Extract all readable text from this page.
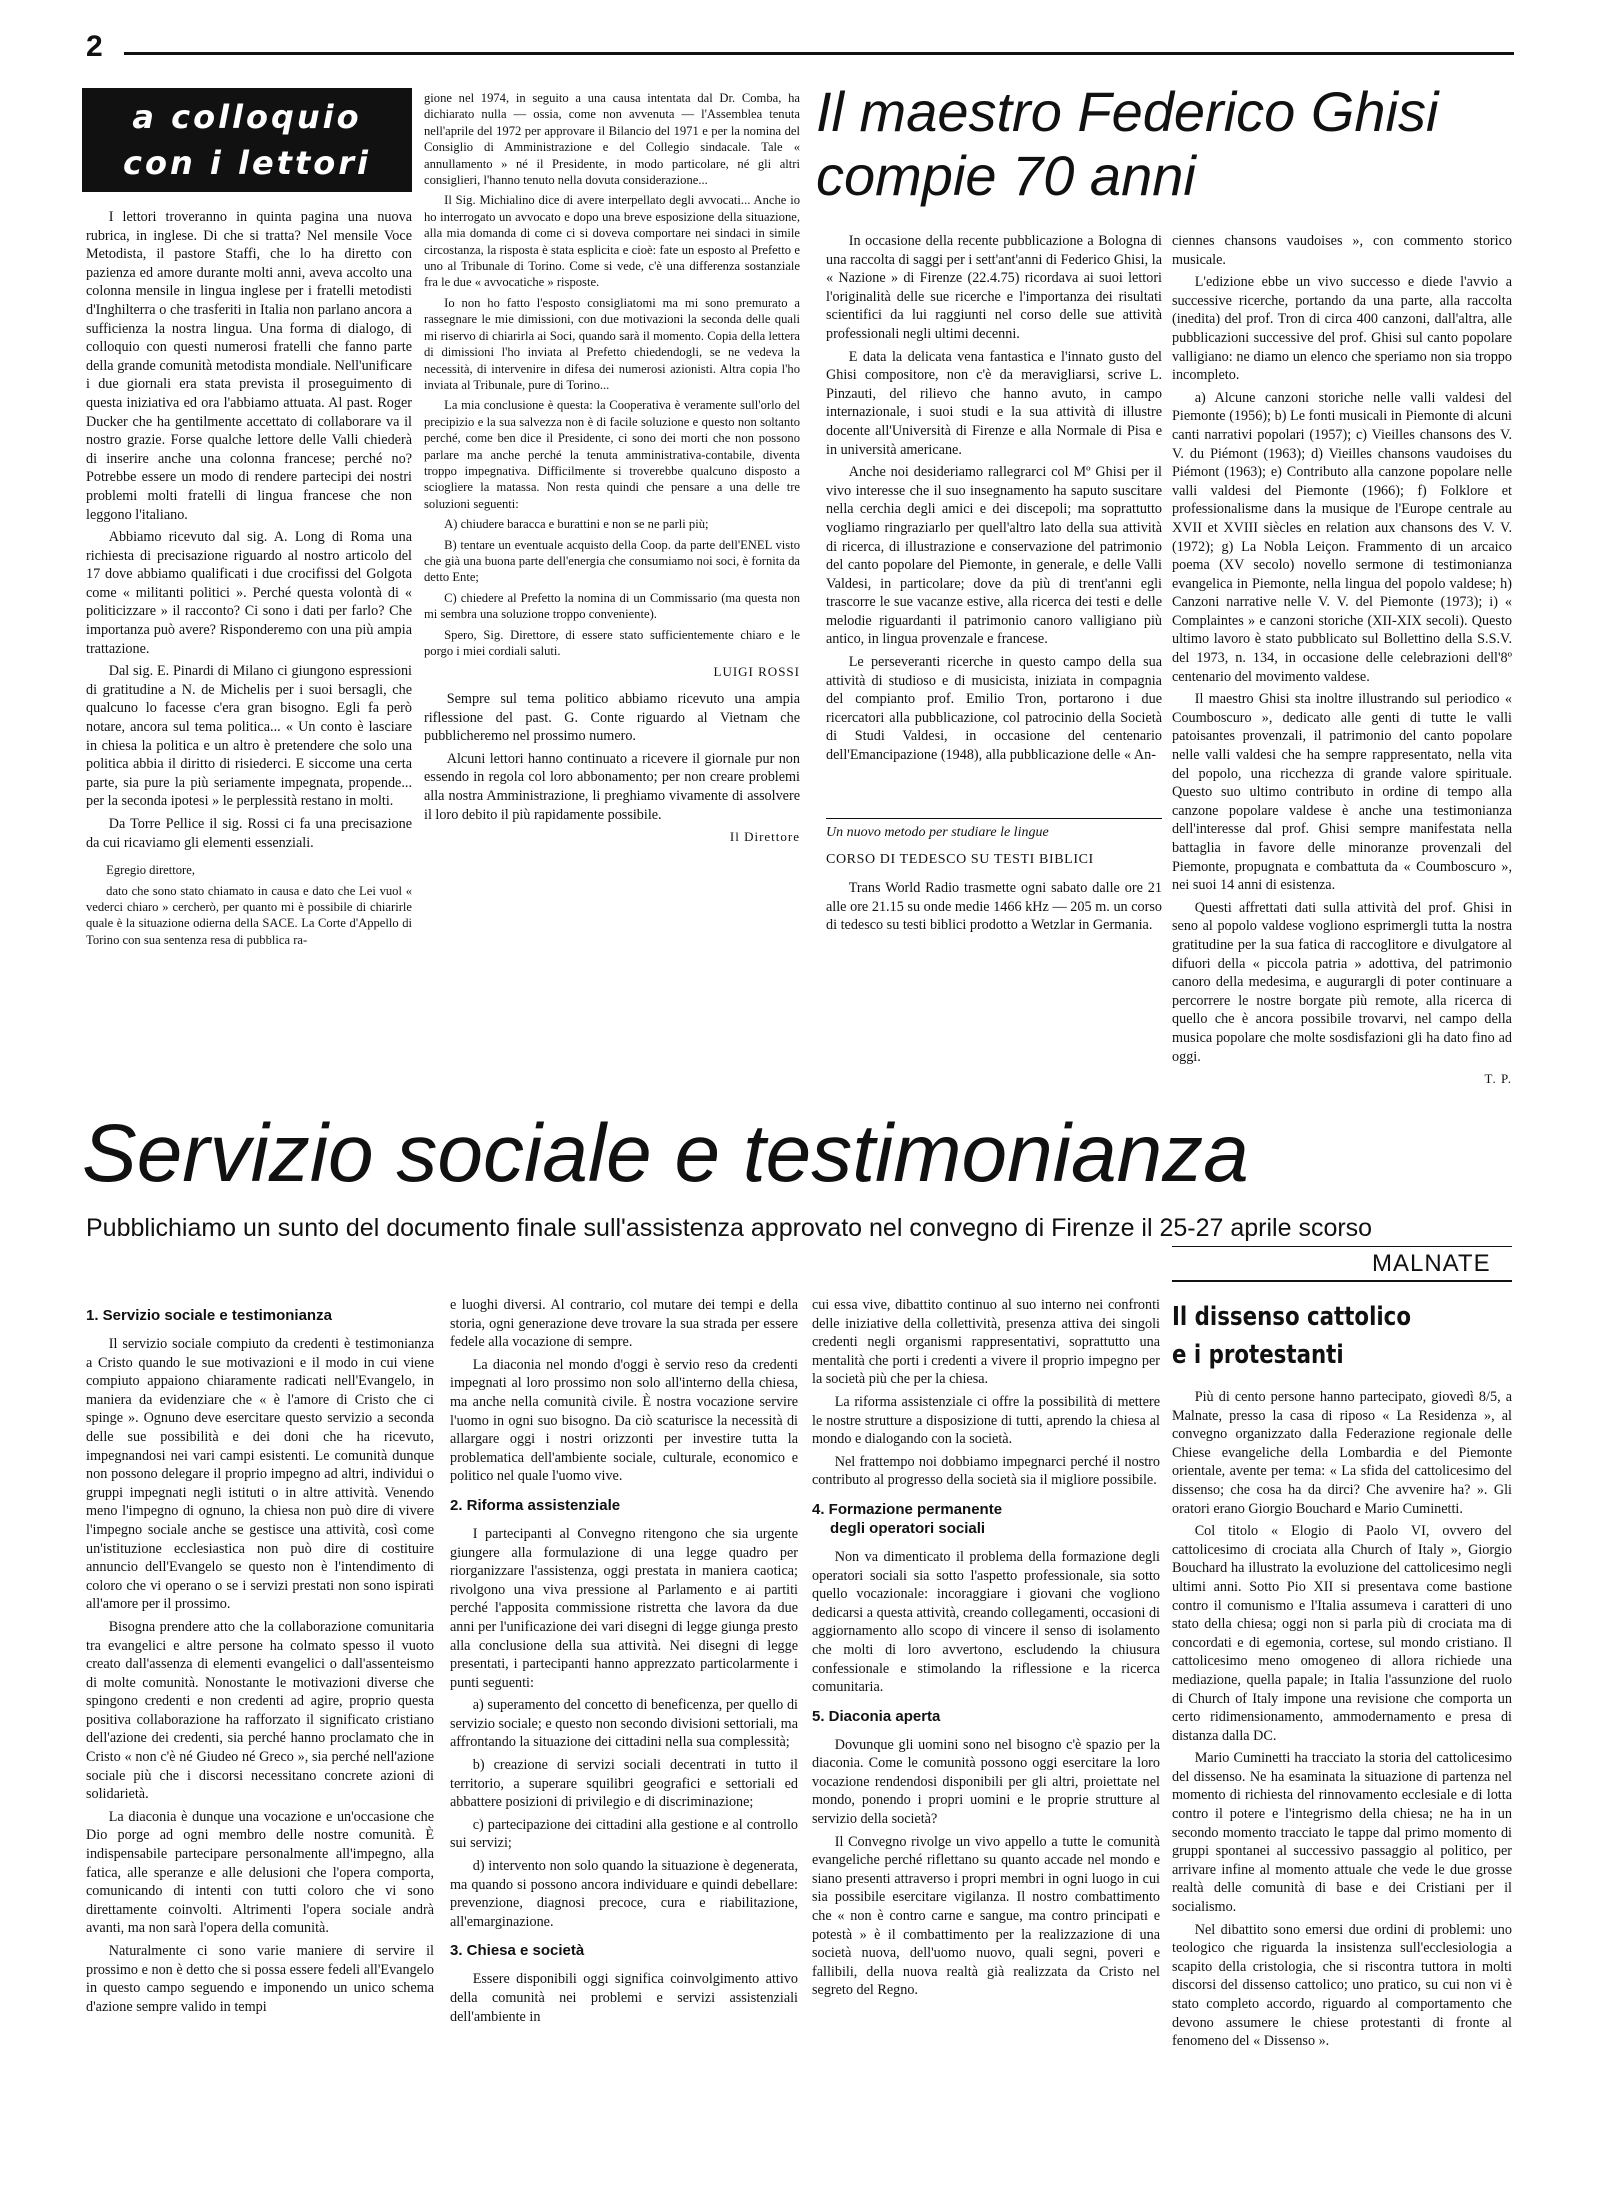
2
a colloquio
con i lettori

I lettori troveranno in quinta pagina una nuova rubrica, in inglese. Di che si tratta? Nel mensile Voce Metodista, il pastore Staffi, che lo ha diretto con pazienza ed amore durante molti anni, aveva accolto una colonna mensile in lingua inglese per i fratelli metodisti d'Inghilterra o che trasferiti in Italia non parlano ancora a sufficienza la nostra lingua. Una forma di dialogo, di colloquio con questi numerosi fratelli che fanno parte della grande comunità metodista mondiale. Nell'unificare i due giornali era stata prevista il proseguimento di questa iniziativa ed ora l'abbiamo attuata. Al past. Roger Ducker che ha gentilmente accettato di collaborare va il nostro grazie. Forse qualche lettore delle Valli chiederà di inserire anche una colonna francese; perché no? Potrebbe essere un modo di rendere partecipi dei nostri problemi molti fratelli di lingua francese che non leggono l'italiano.

Abbiamo ricevuto dal sig. A. Long di Roma una richiesta di precisazione riguardo al nostro articolo del 17 dove abbiamo qualificati i due crocifissi del Golgota come « militanti politici ». Perché questa volontà di « politicizzare » il racconto? Ci sono i dati per farlo? Che importanza può avere? Risponderemo con una più ampia trattazione.

Dal sig. E. Pinardi di Milano ci giungono espressioni di gratitudine a N. de Michelis per i suoi bersagli, che qualcuno lo facesse c'era gran bisogno. Egli fa però notare, ancora sul tema politica... « Un conto è lasciare in chiesa la politica e un altro è pretendere che solo una politica abbia il diritto di risiederci. E siccome una certa parte, sia pure la più seriamente impegnata, propende... per la seconda ipotesi » le perplessità restano in molti.

Da Torre Pellice il sig. Rossi ci fa una precisazione da cui ricaviamo gli elementi essenziali.

Egregio direttore,

dato che sono stato chiamato in causa e dato che Lei vuol « vederci chiaro » cercherò, per quanto mi è possibile di chiarirle quale è la situazione odierna della SACE. La Corte d'Appello di Torino con sua sentenza resa di pubblica ra-

gione nel 1974, in seguito a una causa intentata dal Dr. Comba, ha dichiarato nulla — ossia, come non avvenuta — l'Assemblea tenuta nell'aprile del 1972 per approvare il Bilancio del 1971 e per la nomina del Consiglio di Amministrazione e del Collegio sindacale. Tale « annullamento » né il Presidente, in modo particolare, né gli altri consiglieri, l'hanno tenuto nella dovuta considerazione...

Il Sig. Michialino dice di avere interpellato degli avvocati... Anche io ho interrogato un avvocato e dopo una breve esposizione della situazione, alla mia domanda di come ci si doveva comportare nei sindaci in simile circostanza, la risposta è stata esplicita e cioè: fate un esposto al Prefetto e uno al Tribunale di Torino. Come si vede, c'è una differenza sostanziale fra le due « avvocatiche » risposte.

Io non ho fatto l'esposto consigliatomi ma mi sono premurato a rassegnare le mie dimissioni, con due motivazioni la seconda delle quali mi riservo di chiarirla ai Soci, quando sarà il momento. Copia della lettera di dimissioni l'ho inviata al Prefetto chiedendogli, se ne vedeva la necessità, di intervenire in difesa dei numerosi azionisti. Altra copia l'ho inviata al Tribunale, pure di Torino...

La mia conclusione è questa: la Cooperativa è veramente sull'orlo del precipizio e la sua salvezza non è di facile soluzione e questo non soltanto perché, come ben dice il Presidente, ci sono dei morti che non possono parlare ma anche perché la tenuta amministrativa-contabile, diventa troppo impegnativa. Difficilmente si troverebbe qualcuno disposto a sciogliere la matassa. Non resta quindi che pensare a una delle tre soluzioni seguenti:

A) chiudere baracca e burattini e non se ne parli più;

B) tentare un eventuale acquisto della Coop. da parte dell'ENEL visto che già una buona parte dell'energia che consumiamo noi soci, è fornita da detto Ente;

C) chiedere al Prefetto la nomina di un Commissario (ma questa non mi sembra una soluzione troppo conveniente).

Spero, Sig. Direttore, di essere stato sufficientemente chiaro e le porgo i miei cordiali saluti.

LUIGI ROSSI

Sempre sul tema politico abbiamo ricevuto una ampia riflessione del past. G. Conte riguardo al Vietnam che pubblicheremo nel prossimo numero.

Alcuni lettori hanno continuato a ricevere il giornale pur non essendo in regola col loro abbonamento; per non creare problemi alla nostra Amministrazione, li preghiamo vivamente di assolvere il loro debito il più rapidamente possibile.

Il Direttore
Il maestro Federico Ghisi compie 70 anni

In occasione della recente pubblicazione a Bologna di una raccolta di saggi per i sett'ant'anni di Federico Ghisi, la « Nazione » di Firenze (22.4.75) ricordava ai suoi lettori l'originalità delle sue ricerche e l'importanza dei risultati scientifici da lui raggiunti nel corso delle sue attività professionali negli ultimi decenni.

E data la delicata vena fantastica e l'innato gusto del Ghisi compositore, non c'è da meravigliarsi, scrive L. Pinzauti, del rilievo che hanno avuto, in campo internazionale, i suoi studi e la sua attività di illustre docente all'Università di Firenze e alla Normale di Pisa e in università americane.

Anche noi desideriamo rallegrarci col Mº Ghisi per il vivo interesse che il suo insegnamento ha saputo suscitare nella cerchia degli amici e dei discepoli; ma soprattutto vogliamo ringraziarlo per quell'altro lato della sua attività di ricerca, di illustrazione e conservazione del patrimonio del canto popolare del Piemonte, in generale, e delle Valli Valdesi, in particolare; dove da più di trent'anni egli trascorre le sue vacanze estive, alla ricerca dei testi e delle melodie riguardanti il patrimonio canoro valligiano più antico, in lingua provenzale e francese.

Le perseveranti ricerche in questo campo della sua attività di studioso e di musicista, iniziata in compagnia del compianto prof. Emilio Tron, portarono i due ricercatori alla pubblicazione, col patrocinio della Società di Studi Valdesi, in occasione del centenario dell'Emancipazione (1948), alla pubblicazione delle « An-

Un nuovo metodo per studiare le lingue

CORSO DI TEDESCO SU TESTI BIBLICI

Trans World Radio trasmette ogni sabato dalle ore 21 alle ore 21.15 su onde medie 1466 kHz — 205 m. un corso di tedesco su testi biblici prodotto a Wetzlar in Germania.

ciennes chansons vaudoises », con commento storico musicale.

L'edizione ebbe un vivo successo e diede l'avvio a successive ricerche, portando da una parte, alla raccolta (inedita) del prof. Tron di circa 400 canzoni, dall'altra, alle pubblicazioni successive del prof. Ghisi sul canto popolare valligiano: ne diamo un elenco che speriamo non sia troppo incompleto.

a) Alcune canzoni storiche nelle valli valdesi del Piemonte (1956); b) Le fonti musicali in Piemonte di alcuni canti narrativi popolari (1957); c) Vieilles chansons des V. V. du Piémont (1963); d) Vieilles chansons vaudoises du Piémont (1963); e) Contributo alla canzone popolare nelle valli valdesi del Piemonte (1966); f) Folklore et professionalisme dans la musique de l'Europe centrale au XVII et XVIII siècles en relation aux chansons des V. V. (1972); g) La Nobla Leiçon. Frammento di un arcaico poema (XV secolo) novello sermone di testimonianza evangelica in Piemonte, nella lingua del popolo valdese; h) Canzoni narrative nelle V. V. del Piemonte (1973); i) « Complaintes » e canzoni storiche (XII-XIX secoli). Questo ultimo lavoro è stato pubblicato sul Bollettino della S.S.V. del 1973, n. 134, in occasione delle celebrazioni dell'8º centenario del movimento valdese.

Il maestro Ghisi sta inoltre illustrando sul periodico « Coumboscuro », dedicato alle genti di tutte le valli patoisantes provenzali, il patrimonio del canto popolare nelle valli valdesi che ha sempre rappresentato, nella vita del popolo, una ricchezza di grande valore spirituale. Questo suo ultimo contributo in ordine di tempo alla canzone popolare valdese è anche una testimonianza dell'interesse dal prof. Ghisi sempre manifestata nella battaglia in favore delle minoranze provenzali del Piemonte, propugnata e combattuta da « Coumboscuro », nei suoi 14 anni di esistenza.

Questi affrettati dati sulla attività del prof. Ghisi in seno al popolo valdese vogliono esprimergli tutta la nostra gratitudine per la sua fatica di raccoglitore e divulgatore al difuori della « piccola patria » adottiva, del patrimonio canoro della medesima, e augurargli di poter continuare a percorrere le nostre borgate più remote, alla ricerca di quello che è ancora possibile trovarvi, nel campo della musica popolare che molte sosdisfazioni gli ha dato fino ad oggi.

T. P.
Servizio sociale e testimonianza
Pubblichiamo un sunto del documento finale sull'assistenza approvato nel convegno di Firenze il 25-27 aprile scorso
1. Servizio sociale e testimonianza

Il servizio sociale compiuto da credenti è testimonianza a Cristo quando le sue motivazioni e il modo in cui viene compiuto appaiono chiaramente radicati nell'Evangelo, in maniera da evidenziare che « è l'amore di Cristo che ci spinge ». Ognuno deve esercitare questo servizio a seconda delle sue possibilità e dei doni che ha ricevuto, impegnandosi nei vari campi esistenti. Le comunità dunque non possono delegare il proprio impegno ad altri, individui o gruppi impegnati negli istituti o in altre attività. Venendo meno l'impegno di ognuno, la chiesa non può dire di vivere l'impegno sociale anche se gestisce una attività, così come un'istituzione ecclesiastica non può dire di costituire annuncio dell'Evangelo se questo non è l'intendimento di coloro che vi operano o se i servizi prestati non sono ispirati all'amore per il prossimo.

Bisogna prendere atto che la collaborazione comunitaria tra evangelici e altre persone ha colmato spesso il vuoto creato dall'assenza di elementi evangelici o dall'assenteismo di molte comunità. Nonostante le motivazioni diverse che spingono credenti e non credenti ad agire, proprio questa positiva collaborazione ha rafforzato il significato cristiano dell'azione dei credenti, sia perché hanno proclamato che in Cristo « non c'è né Giudeo né Greco », sia perché nell'azione sociale più che i discorsi necessitano concrete azioni di solidarietà.

La diaconia è dunque una vocazione e un'occasione che Dio porge ad ogni membro delle nostre comunità. È indispensabile partecipare personalmente all'impegno, alla fatica, alle speranze e alle delusioni che l'opera comporta, comunicando di intenti con tutti coloro che vi sono direttamente coinvolti. Altrimenti l'opera sociale andrà avanti, ma non sarà l'opera della comunità.

Naturalmente ci sono varie maniere di servire il prossimo e non è detto che si possa essere fedeli all'Evangelo in questo campo seguendo e imponendo un unico schema d'azione sempre valido in tempi

e luoghi diversi. Al contrario, col mutare dei tempi e della storia, ogni generazione deve trovare la sua strada per essere fedele alla vocazione di sempre.

La diaconia nel mondo d'oggi è servio reso da credenti impegnati al loro prossimo non solo all'interno della chiesa, ma anche nella comunità civile. È nostra vocazione servire l'uomo in ogni suo bisogno. Da ciò scaturisce la necessità di allargare oggi i nostri orizzonti per investire tutta la problematica dell'ambiente sociale, culturale, economico e politico nel quale l'uomo vive.

2. Riforma assistenziale

I partecipanti al Convegno ritengono che sia urgente giungere alla formulazione di una legge quadro per riorganizzare l'assistenza, oggi prestata in maniera caotica; rivolgono una viva pressione al Parlamento e ai partiti perché l'apposita commissione ristretta che lavora da due anni per l'unificazione dei vari disegni di legge giunga presto alla conclusione della sua attività. Nei disegni di legge presentati, i partecipanti hanno apprezzato particolarmente i punti seguenti:

a) superamento del concetto di beneficenza, per quello di servizio sociale; e questo non secondo divisioni settoriali, ma affrontando la situazione dei cittadini nella sua complessità;

b) creazione di servizi sociali decentrati in tutto il territorio, a superare squilibri geografici e settoriali ed abbattere posizioni di privilegio e di discriminazione;

c) partecipazione dei cittadini alla gestione e al controllo sui servizi;

d) intervento non solo quando la situazione è degenerata, ma quando si possono ancora individuare e quindi debellare: prevenzione, diagnosi precoce, cura e riabilitazione, all'emarginazione.

3. Chiesa e società

Essere disponibili oggi significa coinvolgimento attivo della comunità nei problemi e servizi assistenziali dell'ambiente in

cui essa vive, dibattito continuo al suo interno nei confronti delle iniziative della collettività, presenza attiva dei singoli credenti negli organismi rappresentativi, soprattutto una mentalità che porti i credenti a vivere il proprio impegno per la società più che per la chiesa.

La riforma assistenziale ci offre la possibilità di mettere le nostre strutture a disposizione di tutti, aprendo la chiesa al mondo e dialogando con la società.

Nel frattempo noi dobbiamo impegnarci perché il nostro contributo al progresso della società sia il migliore possibile.

4. Formazione permanente
degli operatori sociali

Non va dimenticato il problema della formazione degli operatori sociali sia sotto l'aspetto professionale, sia sotto quello vocazionale: incoraggiare i giovani che vogliono dedicarsi a questa attività, creando collegamenti, occasioni di aggiornamento allo scopo di vincere il senso di isolamento che molti di loro avvertono, escludendo la chiusura confessionale e stimolando la riflessione e la ricerca comunitaria.

5. Diaconia aperta

Dovunque gli uomini sono nel bisogno c'è spazio per la diaconia. Come le comunità possono oggi esercitare la loro vocazione rendendosi disponibili per gli altri, proiettate nel mondo, ponendo i propri uomini e le proprie strutture al servizio della società?

Il Convegno rivolge un vivo appello a tutte le comunità evangeliche perché riflettano su quanto accade nel mondo e siano presenti attraverso i propri membri in ogni luogo in cui sia possibile esercitare vigilanza. Il nostro combattimento che « non è contro carne e sangue, ma contro principati e potestà » è il combattimento per la realizzazione di una società nuova, dell'uomo nuovo, quali segni, poveri e fallibili, della nuova realtà già realizzata da Cristo nel segreto del Regno.

MALNATE
Il dissenso cattolico
e i protestanti

Più di cento persone hanno partecipato, giovedì 8/5, a Malnate, presso la casa di riposo « La Residenza », al convegno organizzato dalla Federazione regionale delle Chiese evangeliche della Lombardia e del Piemonte orientale, avente per tema: « La sfida del cattolicesimo del dissenso; che cosa ha da dirci? Che avvenire ha? ». Gli oratori erano Giorgio Bouchard e Mario Cuminetti.

Col titolo « Elogio di Paolo VI, ovvero del cattolicesimo di crociata alla Church of Italy », Giorgio Bouchard ha illustrato la evoluzione del cattolicesimo negli ultimi anni. Sotto Pio XII si presentava come bastione contro il comunismo e l'Italia assumeva i caratteri di uno stato della chiesa; oggi non si parla più di crociata ma di concordati e di egemonia, cortese, sul mondo cristiano. Il cattolicesimo meno omogeneo di allora richiede una mediazione, quella papale; in Italia l'assunzione del ruolo di Church of Italy impone una revisione che comporta un certo ridimensionamento, ammodernamento e presa di distanza dalla DC.

Mario Cuminetti ha tracciato la storia del cattolicesimo del dissenso. Ne ha esaminata la situazione di partenza nel momento di richiesta del rinnovamento ecclesiale e di lotta contro il potere e l'integrismo della chiesa; ne ha in un secondo momento tracciato le tappe dal primo momento di gruppi spontanei al successivo passaggio al politico, per arrivare infine al momento attuale che vede le due grosse realtà delle comunità di base e dei Cristiani per il socialismo.

Nel dibattito sono emersi due ordini di problemi: uno teologico che riguarda la insistenza sull'ecclesiologia a scapito della cristologia, che si riscontra tuttora in molti discorsi del dissenso cattolico; uno pratico, su cui non vi è stato completo accordo, riguardo al comportamento che devono assumere le chiese protestanti di fronte al fenomeno del « Dissenso ».
